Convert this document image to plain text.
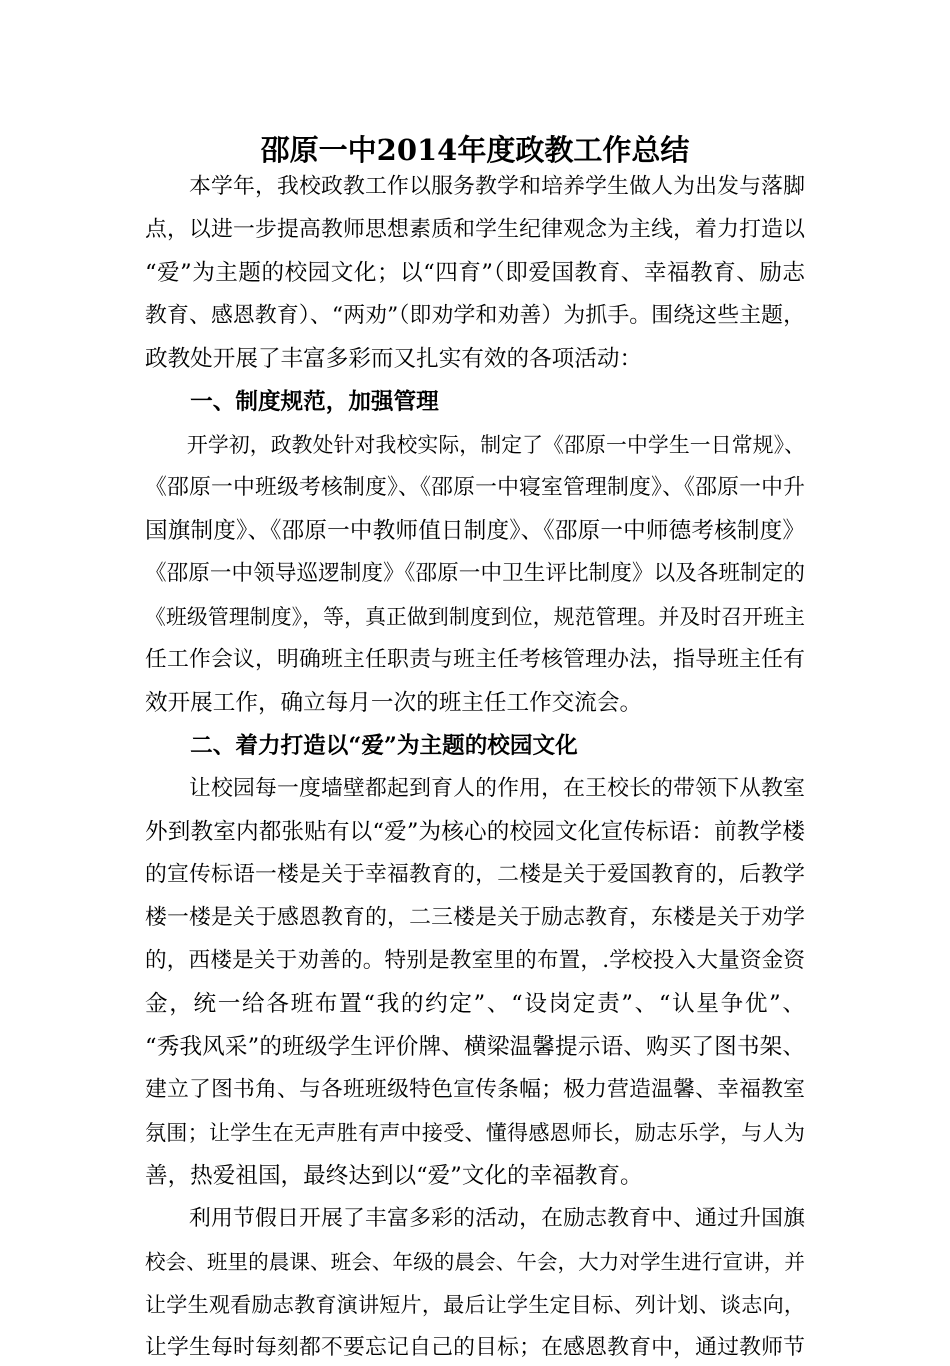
邵原一中2014年度政教工作总结
　　本学年，我校政教工作以服务教学和培养学生做人为出发与落脚
点，以进一步提高教师思想素质和学生纪律观念为主线，着力打造以
“爱”为主题的校园文化；以“四育”（即爱国教育、幸福教育、励志
教育、感恩教育）、“两劝”（即劝学和劝善）为抓手。围绕这些主题，
政教处开展了丰富多彩而又扎实有效的各项活动：
　　一、制度规范，加强管理
　　开学初，政教处针对我校实际，制定了《邵原一中学生一日常规》、
《邵原一中班级考核制度》、《邵原一中寝室管理制度》、《邵原一中升
国旗制度》、《邵原一中教师值日制度》、《邵原一中师德考核制度》
《邵原一中领导巡逻制度》《邵原一中卫生评比制度》以及各班制定的
《班级管理制度》，等，真正做到制度到位，规范管理。并及时召开班主
任工作会议，明确班主任职责与班主任考核管理办法，指导班主任有
效开展工作，确立每月一次的班主任工作交流会。
　　二、着力打造以“爱”为主题的校园文化
　　让校园每一度墙壁都起到育人的作用，在王校长的带领下从教室
外到教室内都张贴有以“爱”为核心的校园文化宣传标语：前教学楼
的宣传标语一楼是关于幸福教育的，二楼是关于爱国教育的，后教学
楼一楼是关于感恩教育的，二三楼是关于励志教育，东楼是关于劝学
的，西楼是关于劝善的。特别是教室里的布置，.学校投入大量资金资
金，统一给各班布置“我的约定”、“设岗定责”、“认星争优”、
“秀我风采”的班级学生评价牌、横梁温馨提示语、购买了图书架、
建立了图书角、与各班班级特色宣传条幅；极力营造温馨、幸福教室
氛围；让学生在无声胜有声中接受、懂得感恩师长，励志乐学，与人为
善，热爱祖国，最终达到以“爱”文化的幸福教育。
　　利用节假日开展了丰富多彩的活动，在励志教育中、通过升国旗
校会、班里的晨课、班会、年级的晨会、午会，大力对学生进行宣讲，并
让学生观看励志教育演讲短片，最后让学生定目标、列计划、谈志向，
让学生每时每刻都不要忘记自己的目标；在感恩教育中，通过教师节
